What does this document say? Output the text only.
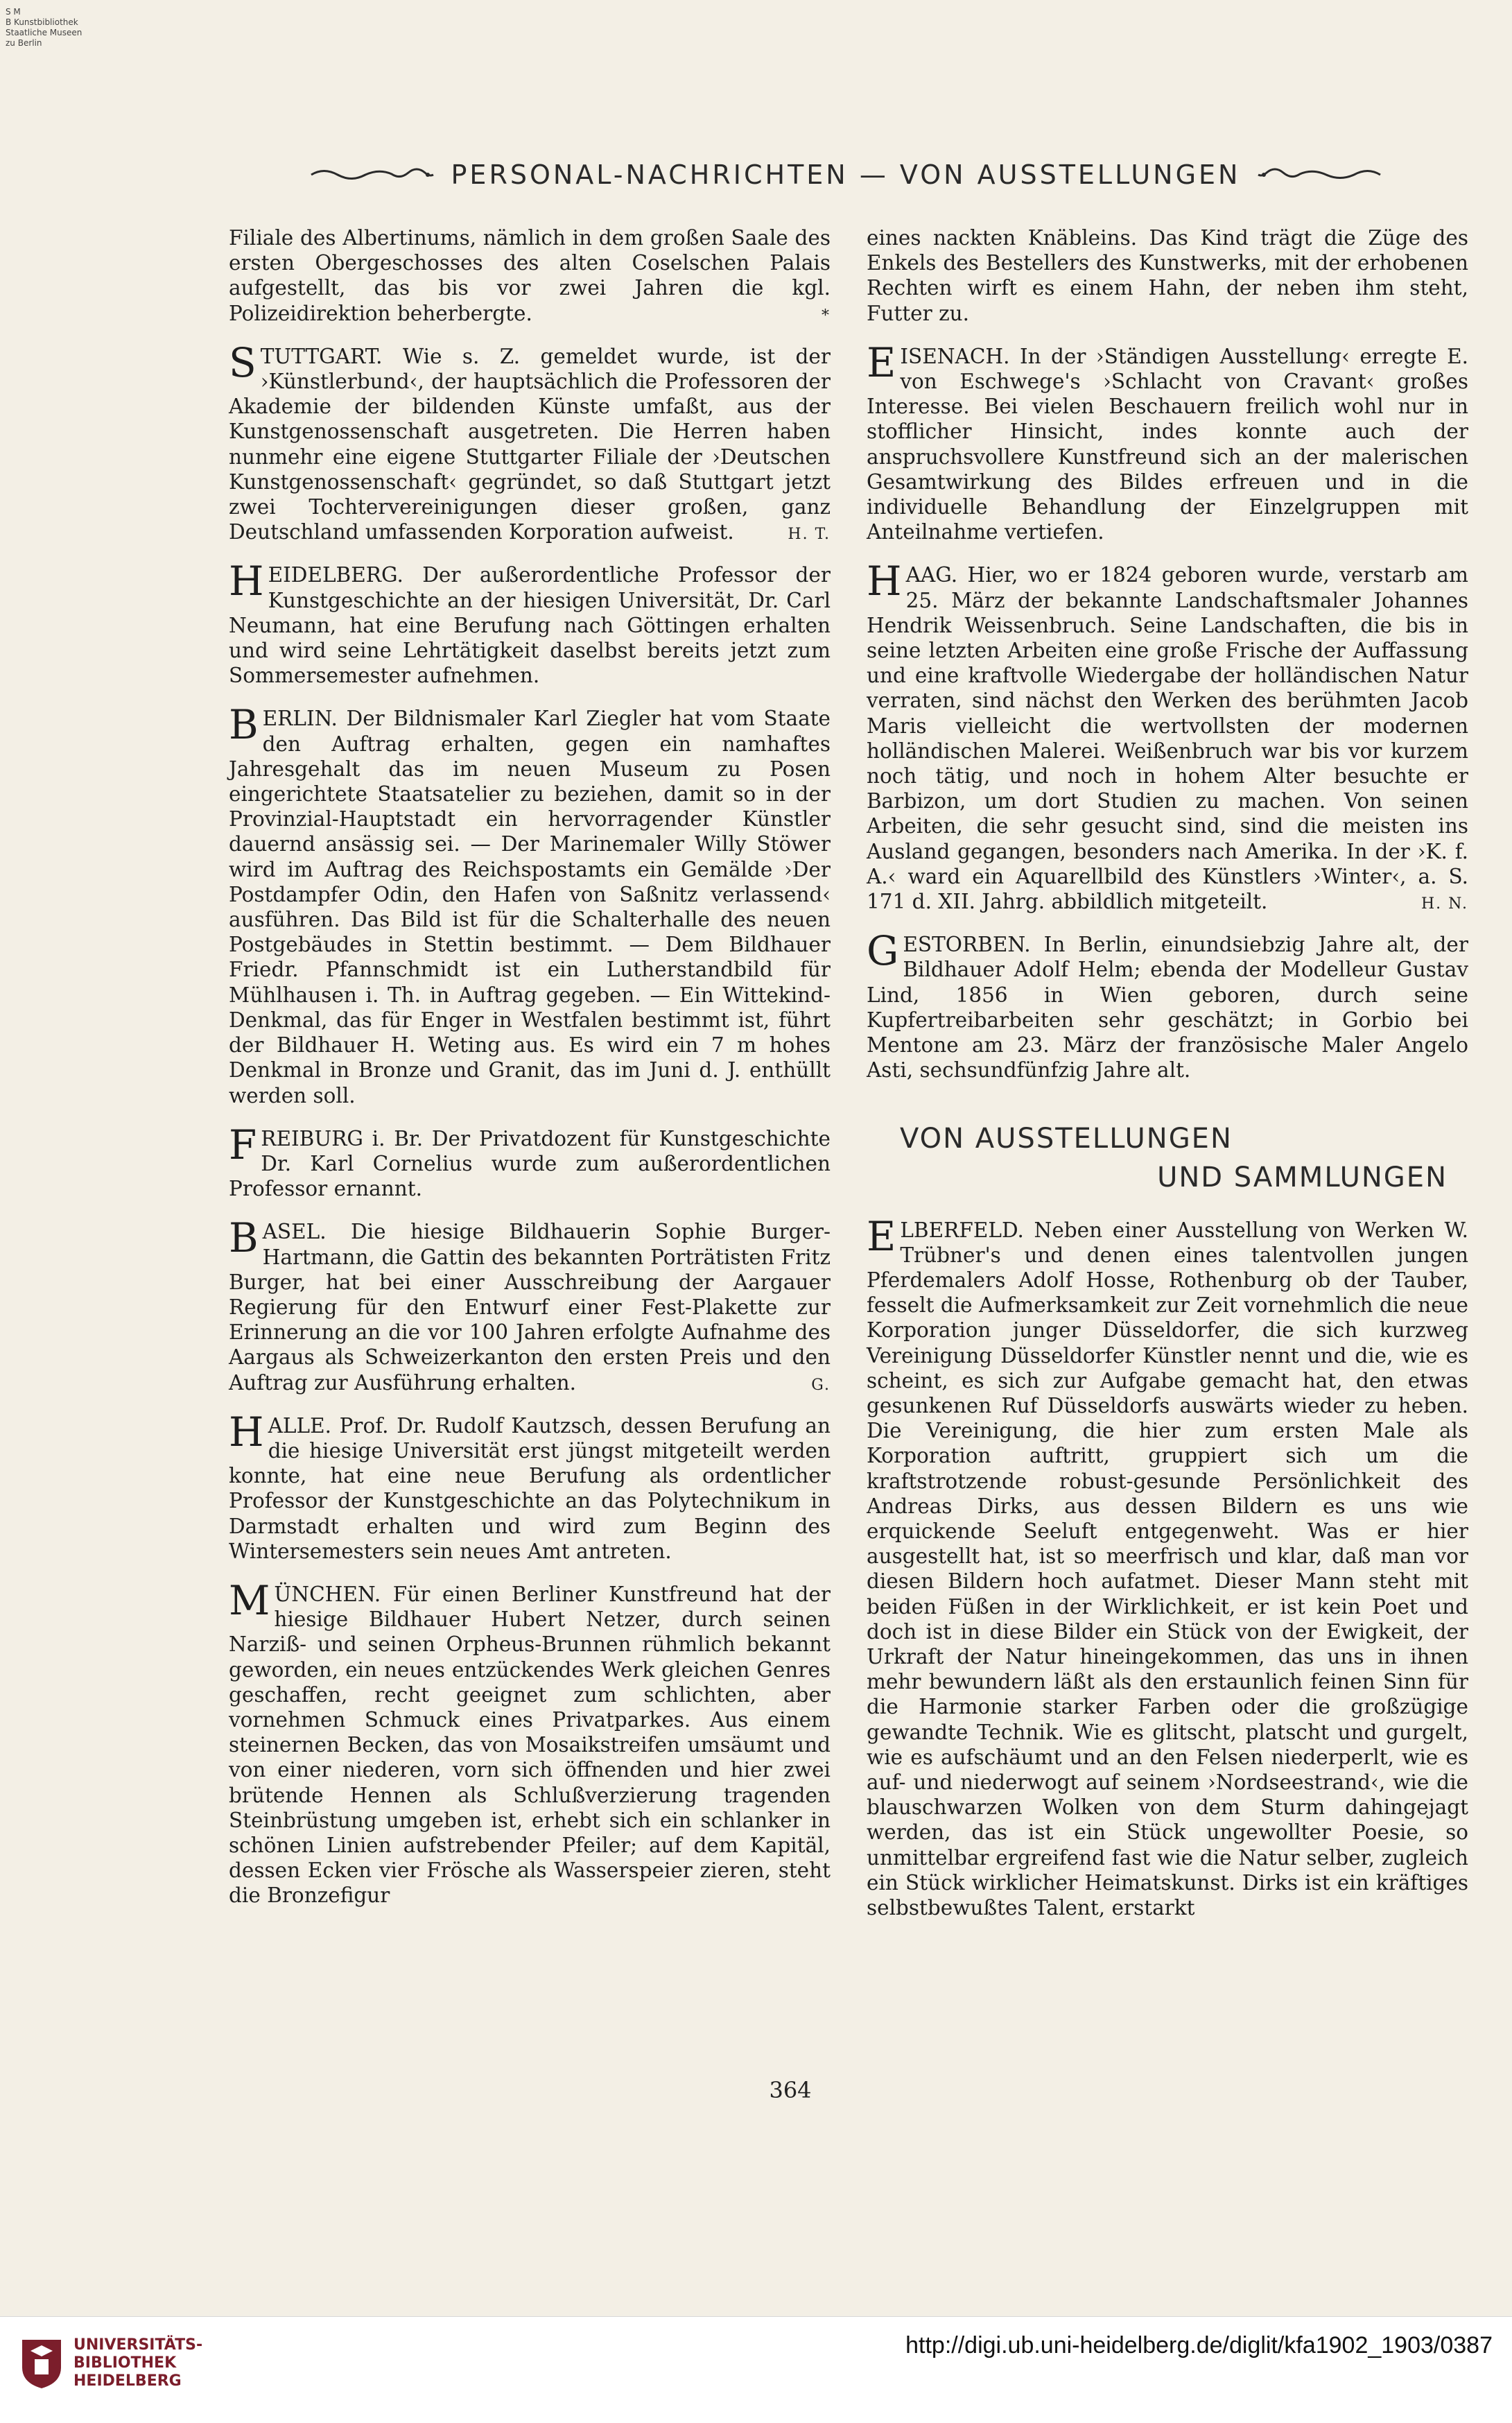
S M
B Kunstbibliothek
Staatliche Museen
zu Berlin
PERSONAL-NACHRICHTEN — VON AUSSTELLUNGEN

Filiale des Albertinums, nämlich in dem großen Saale des ersten Obergeschosses des alten Coselschen Palais aufgestellt, das bis vor zwei Jahren die kgl. Polizeidirektion beherbergte.	*

STUTTGART. Wie s. Z. gemeldet wurde, ist der ›Künstlerbund‹, der hauptsächlich die Professoren der Akademie der bildenden Künste umfaßt, aus der Kunstgenossenschaft ausgetreten. Die Herren haben nunmehr eine eigene Stuttgarter Filiale der ›Deutschen Kunstgenossenschaft‹ gegründet, so daß Stuttgart jetzt zwei Tochtervereinigungen dieser großen, ganz Deutschland umfassenden Korporation aufweist.	H. T.

HEIDELBERG. Der außerordentliche Professor der Kunstgeschichte an der hiesigen Universität, Dr. Carl Neumann, hat eine Berufung nach Göttingen erhalten und wird seine Lehrtätigkeit daselbst bereits jetzt zum Sommersemester aufnehmen.

BERLIN. Der Bildnismaler Karl Ziegler hat vom Staate den Auftrag erhalten, gegen ein namhaftes Jahresgehalt das im neuen Museum zu Posen eingerichtete Staatsatelier zu beziehen, damit so in der Provinzial-Hauptstadt ein hervorragender Künstler dauernd ansässig sei. — Der Marinemaler Willy Stöwer wird im Auftrag des Reichspostamts ein Gemälde ›Der Postdampfer Odin, den Hafen von Saßnitz verlassend‹ ausführen. Das Bild ist für die Schalterhalle des neuen Postgebäudes in Stettin bestimmt. — Dem Bildhauer Friedr. Pfannschmidt ist ein Lutherstandbild für Mühlhausen i. Th. in Auftrag gegeben. — Ein Wittekind-Denkmal, das für Enger in Westfalen bestimmt ist, führt der Bildhauer H. Weting aus. Es wird ein 7 m hohes Denkmal in Bronze und Granit, das im Juni d. J. enthüllt werden soll.

FREIBURG i. Br. Der Privatdozent für Kunstgeschichte Dr. Karl Cornelius wurde zum außerordentlichen Professor ernannt.

BASEL. Die hiesige Bildhauerin Sophie Burger-Hartmann, die Gattin des bekannten Porträtisten Fritz Burger, hat bei einer Ausschreibung der Aargauer Regierung für den Entwurf einer Fest-Plakette zur Erinnerung an die vor 100 Jahren erfolgte Aufnahme des Aargaus als Schweizerkanton den ersten Preis und den Auftrag zur Ausführung erhalten.	G.

HALLE. Prof. Dr. Rudolf Kautzsch, dessen Berufung an die hiesige Universität erst jüngst mitgeteilt werden konnte, hat eine neue Berufung als ordentlicher Professor der Kunstgeschichte an das Polytechnikum in Darmstadt erhalten und wird zum Beginn des Wintersemesters sein neues Amt antreten.

MÜNCHEN. Für einen Berliner Kunstfreund hat der hiesige Bildhauer Hubert Netzer, durch seinen Narziß- und seinen Orpheus-Brunnen rühmlich bekannt geworden, ein neues entzückendes Werk gleichen Genres geschaffen, recht geeignet zum schlichten, aber vornehmen Schmuck eines Privatparkes. Aus einem steinernen Becken, das von Mosaikstreifen umsäumt und von einer niederen, vorn sich öffnenden und hier zwei brütende Hennen als Schlußverzierung tragenden Steinbrüstung umgeben ist, erhebt sich ein schlanker in schönen Linien aufstrebender Pfeiler; auf dem Kapitäl, dessen Ecken vier Frösche als Wasserspeier zieren, steht die Bronzefigur

eines nackten Knäbleins. Das Kind trägt die Züge des Enkels des Bestellers des Kunstwerks, mit der erhobenen Rechten wirft es einem Hahn, der neben ihm steht, Futter zu.

EISENACH. In der ›Ständigen Ausstellung‹ erregte E. von Eschwege's ›Schlacht von Cravant‹ großes Interesse. Bei vielen Beschauern freilich wohl nur in stofflicher Hinsicht, indes konnte auch der anspruchsvollere Kunstfreund sich an der malerischen Gesamtwirkung des Bildes erfreuen und in die individuelle Behandlung der Einzelgruppen mit Anteilnahme vertiefen.

HAAG. Hier, wo er 1824 geboren wurde, verstarb am 25. März der bekannte Landschaftsmaler Johannes Hendrik Weissenbruch. Seine Landschaften, die bis in seine letzten Arbeiten eine große Frische der Auffassung und eine kraftvolle Wiedergabe der holländischen Natur verraten, sind nächst den Werken des berühmten Jacob Maris vielleicht die wertvollsten der modernen holländischen Malerei. Weißenbruch war bis vor kurzem noch tätig, und noch in hohem Alter besuchte er Barbizon, um dort Studien zu machen. Von seinen Arbeiten, die sehr gesucht sind, sind die meisten ins Ausland gegangen, besonders nach Amerika. In der ›K. f. A.‹ ward ein Aquarellbild des Künstlers ›Winter‹, a. S. 171 d. XII. Jahrg. abbildlich mitgeteilt.	H. N.

GESTORBEN. In Berlin, einundsiebzig Jahre alt, der Bildhauer Adolf Helm; ebenda der Modelleur Gustav Lind, 1856 in Wien geboren, durch seine Kupfertreibarbeiten sehr geschätzt; in Gorbio bei Mentone am 23. März der französische Maler Angelo Asti, sechsundfünfzig Jahre alt.

VON AUSSTELLUNGEN
UND SAMMLUNGEN

ELBERFELD. Neben einer Ausstellung von Werken W. Trübner's und denen eines talentvollen jungen Pferdemalers Adolf Hosse, Rothenburg ob der Tauber, fesselt die Aufmerksamkeit zur Zeit vornehmlich die neue Korporation junger Düsseldorfer, die sich kurzweg Vereinigung Düsseldorfer Künstler nennt und die, wie es scheint, es sich zur Aufgabe gemacht hat, den etwas gesunkenen Ruf Düsseldorfs auswärts wieder zu heben. Die Vereinigung, die hier zum ersten Male als Korporation auftritt, gruppiert sich um die kraftstrotzende robust-gesunde Persönlichkeit des Andreas Dirks, aus dessen Bildern es uns wie erquickende Seeluft entgegenweht. Was er hier ausgestellt hat, ist so meerfrisch und klar, daß man vor diesen Bildern hoch aufatmet. Dieser Mann steht mit beiden Füßen in der Wirklichkeit, er ist kein Poet und doch ist in diese Bilder ein Stück von der Ewigkeit, der Urkraft der Natur hineingekommen, das uns in ihnen mehr bewundern läßt als den erstaunlich feinen Sinn für die Harmonie starker Farben oder die großzügige gewandte Technik. Wie es glitscht, platscht und gurgelt, wie es aufschäumt und an den Felsen niederperlt, wie es auf- und niederwogt auf seinem ›Nordseestrand‹, wie die blauschwarzen Wolken von dem Sturm dahingejagt werden, das ist ein Stück ungewollter Poesie, so unmittelbar ergreifend fast wie die Natur selber, zugleich ein Stück wirklicher Heimatskunst. Dirks ist ein kräftiges selbstbewußtes Talent, erstarkt

364
UNIVERSITÄTS-
BIBLIOTHEK
HEIDELBERG
http://digi.ub.uni-heidelberg.de/diglit/kfa1902_1903/0387
